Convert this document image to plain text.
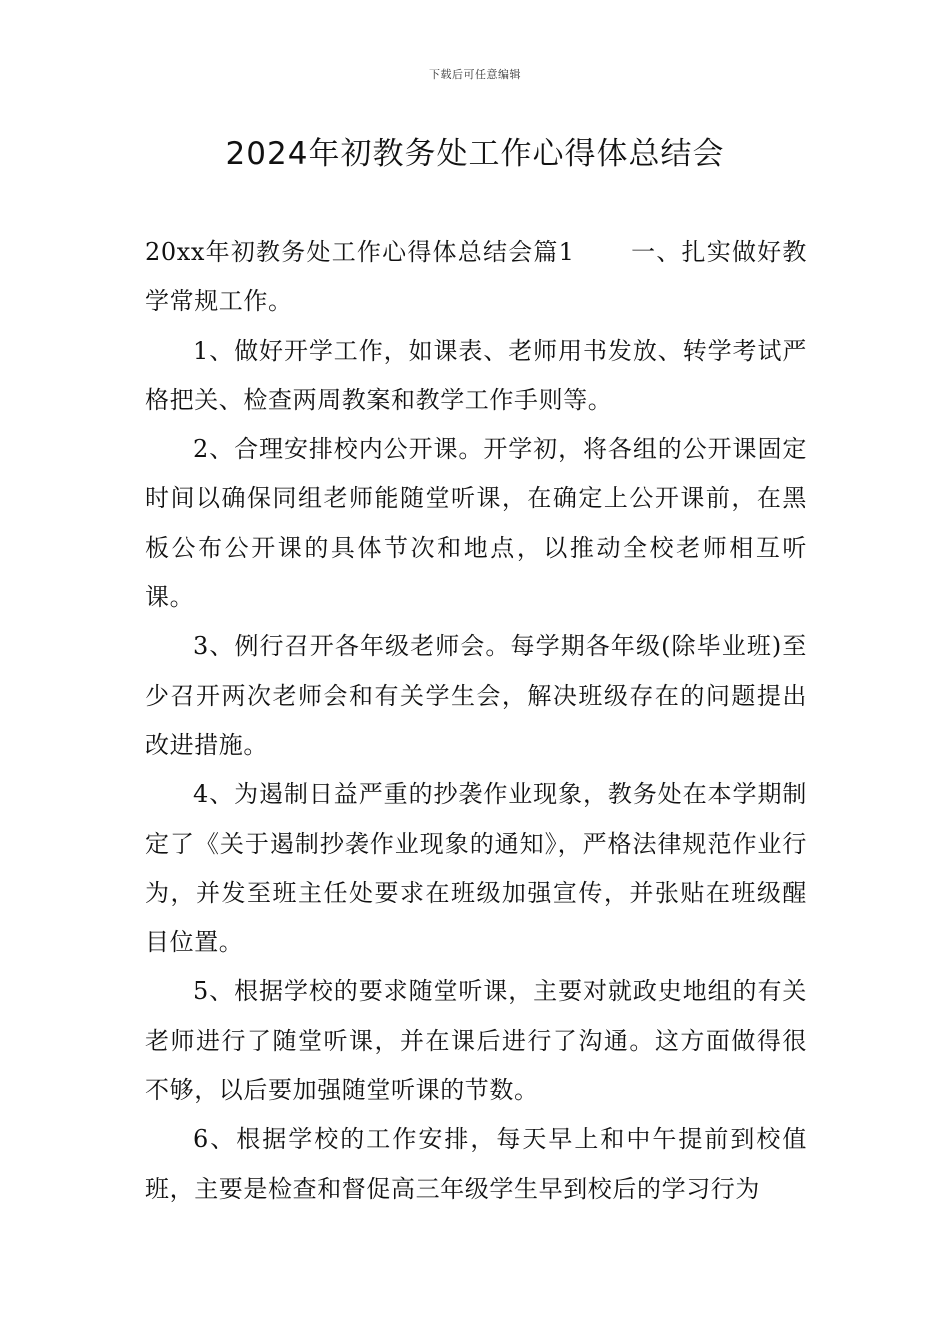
下载后可任意编辑
2024年初教务处工作心得体总结会

20xx年初教务处工作心得体总结会篇1 一、扎实做好教学常规工作。

1、做好开学工作，如课表、老师用书发放、转学考试严格把关、检查两周教案和教学工作手则等。

2、合理安排校内公开课。开学初，将各组的公开课固定时间以确保同组老师能随堂听课，在确定上公开课前，在黑板公布公开课的具体节次和地点，以推动全校老师相互听课。

3、例行召开各年级老师会。每学期各年级(除毕业班)至少召开两次老师会和有关学生会，解决班级存在的问题提出改进措施。

4、为遏制日益严重的抄袭作业现象，教务处在本学期制定了《关于遏制抄袭作业现象的通知》，严格法律规范作业行为，并发至班主任处要求在班级加强宣传，并张贴在班级醒目位置。

5、根据学校的要求随堂听课，主要对就政史地组的有关老师进行了随堂听课，并在课后进行了沟通。这方面做得很不够，以后要加强随堂听课的节数。

6、根据学校的工作安排，每天早上和中午提前到校值班，主要是检查和督促高三年级学生早到校后的学习行为
